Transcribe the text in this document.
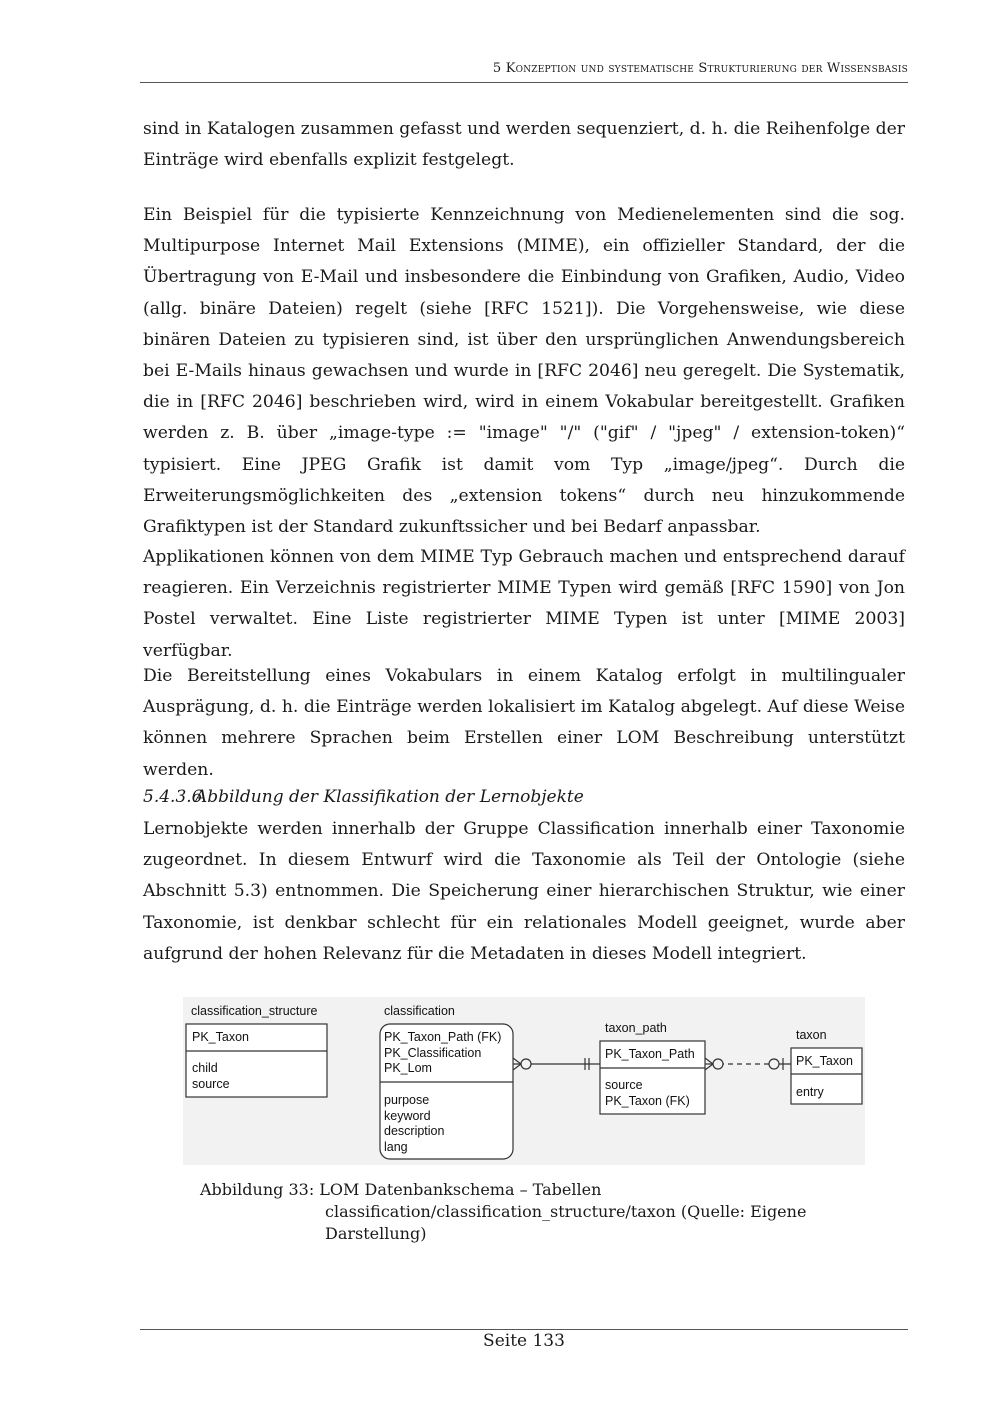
5 Konzeption und systematische Strukturierung der Wissensbasis

sind in Katalogen zusammen gefasst und werden sequenziert, d. h. die Reihenfolge der Einträge wird ebenfalls explizit festgelegt.

Ein Beispiel für die typisierte Kennzeichnung von Medienelementen sind die sog. Multipurpose Internet Mail Extensions (MIME), ein offizieller Standard, der die Übertragung von E-Mail und insbesondere die Einbindung von Grafiken, Audio, Video (allg. binäre Dateien) regelt (siehe [RFC 1521]). Die Vorgehensweise, wie diese binären Dateien zu typisieren sind, ist über den ursprünglichen Anwendungsbereich bei E-Mails hinaus gewachsen und wurde in [RFC 2046] neu geregelt. Die Systematik, die in [RFC 2046] beschrieben wird, wird in einem Vokabular bereitgestellt. Grafiken werden z. B. über „image-type := "image" "/" ("gif" / "jpeg" / extension-token)“ typisiert. Eine JPEG Grafik ist damit vom Typ „image/jpeg“. Durch die Erweiterungsmöglichkeiten des „extension tokens“ durch neu hinzukommende Grafiktypen ist der Standard zukunftssicher und bei Bedarf anpassbar.

Applikationen können von dem MIME Typ Gebrauch machen und entsprechend darauf reagieren. Ein Verzeichnis registrierter MIME Typen wird gemäß [RFC 1590] von Jon Postel verwaltet. Eine Liste registrierter MIME Typen ist unter [MIME 2003] verfügbar.

Die Bereitstellung eines Vokabulars in einem Katalog erfolgt in multilingualer Ausprägung, d. h. die Einträge werden lokalisiert im Katalog abgelegt. Auf diese Weise können mehrere Sprachen beim Erstellen einer LOM Beschreibung unterstützt werden.

5.4.3.6Abbildung der Klassifikation der Lernobjekte

Lernobjekte werden innerhalb der Gruppe Classification innerhalb einer Taxonomie zugeordnet. In diesem Entwurf wird die Taxonomie als Teil der Ontologie (siehe Abschnitt 5.3) entnommen. Die Speicherung einer hierarchischen Struktur, wie einer Taxonomie, ist denkbar schlecht für ein relationales Modell geeignet, wurde aber aufgrund der hohen Relevanz für die Metadaten in dieses Modell integriert.

classification_structure
PK_Taxon
child
source
classification
PK_Taxon_Path (FK)
PK_Classification
PK_Lom
purpose
keyword
description
lang
taxon_path
PK_Taxon_Path
source
PK_Taxon (FK)
taxon
PK_Taxon
entry
Abbildung 33: LOM Datenbankschema – Tabellen
classification/classification_structure/taxon (Quelle: Eigene Darstellung)
Seite 133
